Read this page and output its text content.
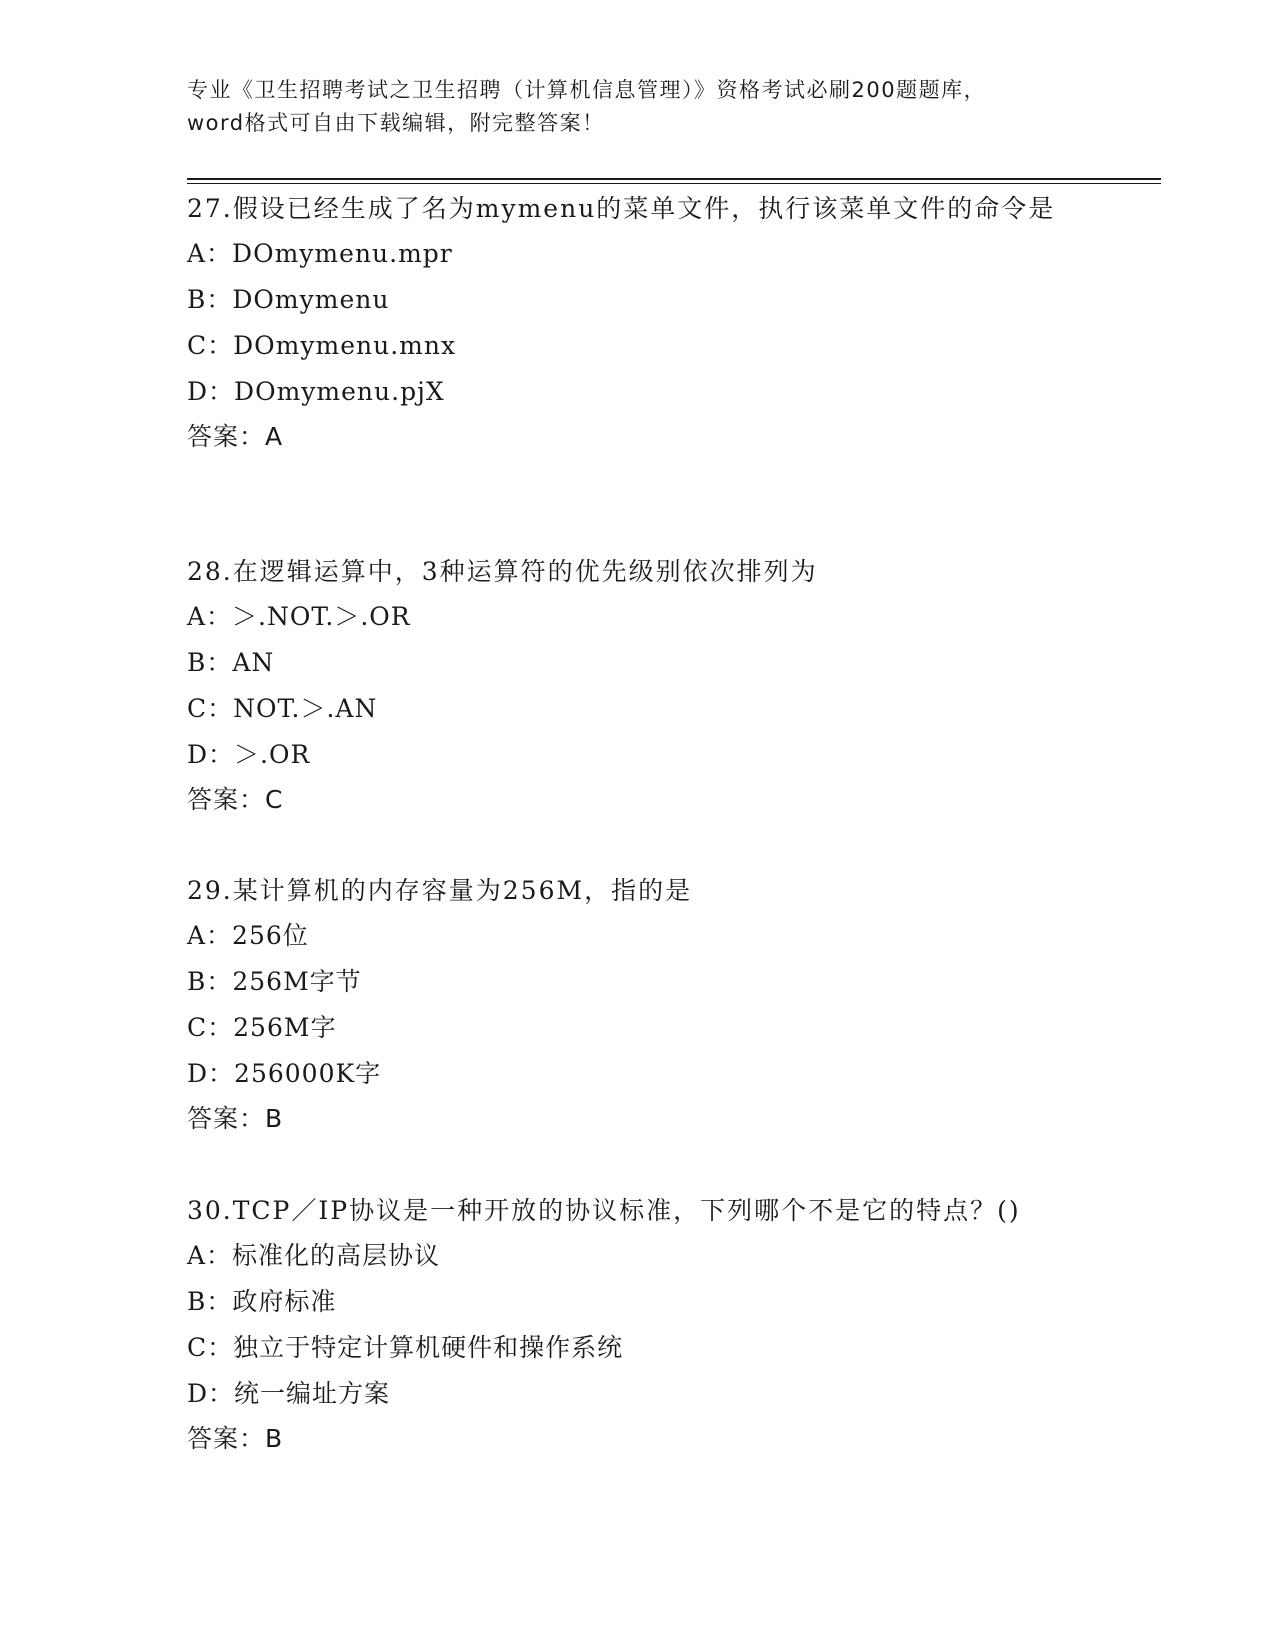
专业《卫生招聘考试之卫生招聘（计算机信息管理）》资格考试必刷200题题库，
word格式可自由下载编辑，附完整答案！

27.假设已经生成了名为mymenu的菜单文件，执行该菜单文件的命令是

A：DOmymenu.mpr

B：DOmymenu

C：DOmymenu.mnx

D：DOmymenu.pjX

答案：A

28.在逻辑运算中，3种运算符的优先级别依次排列为

A：＞.NOT.＞.OR

B：AN

C：NOT.＞.AN

D：＞.OR

答案：C

29.某计算机的内存容量为256M，指的是

A：256位

B：256M字节

C：256M字

D：256000K字

答案：B

30.TCP／IP协议是一种开放的协议标准，下列哪个不是它的特点？()

A：标准化的高层协议

B：政府标准

C：独立于特定计算机硬件和操作系统

D：统一编址方案

答案：B
